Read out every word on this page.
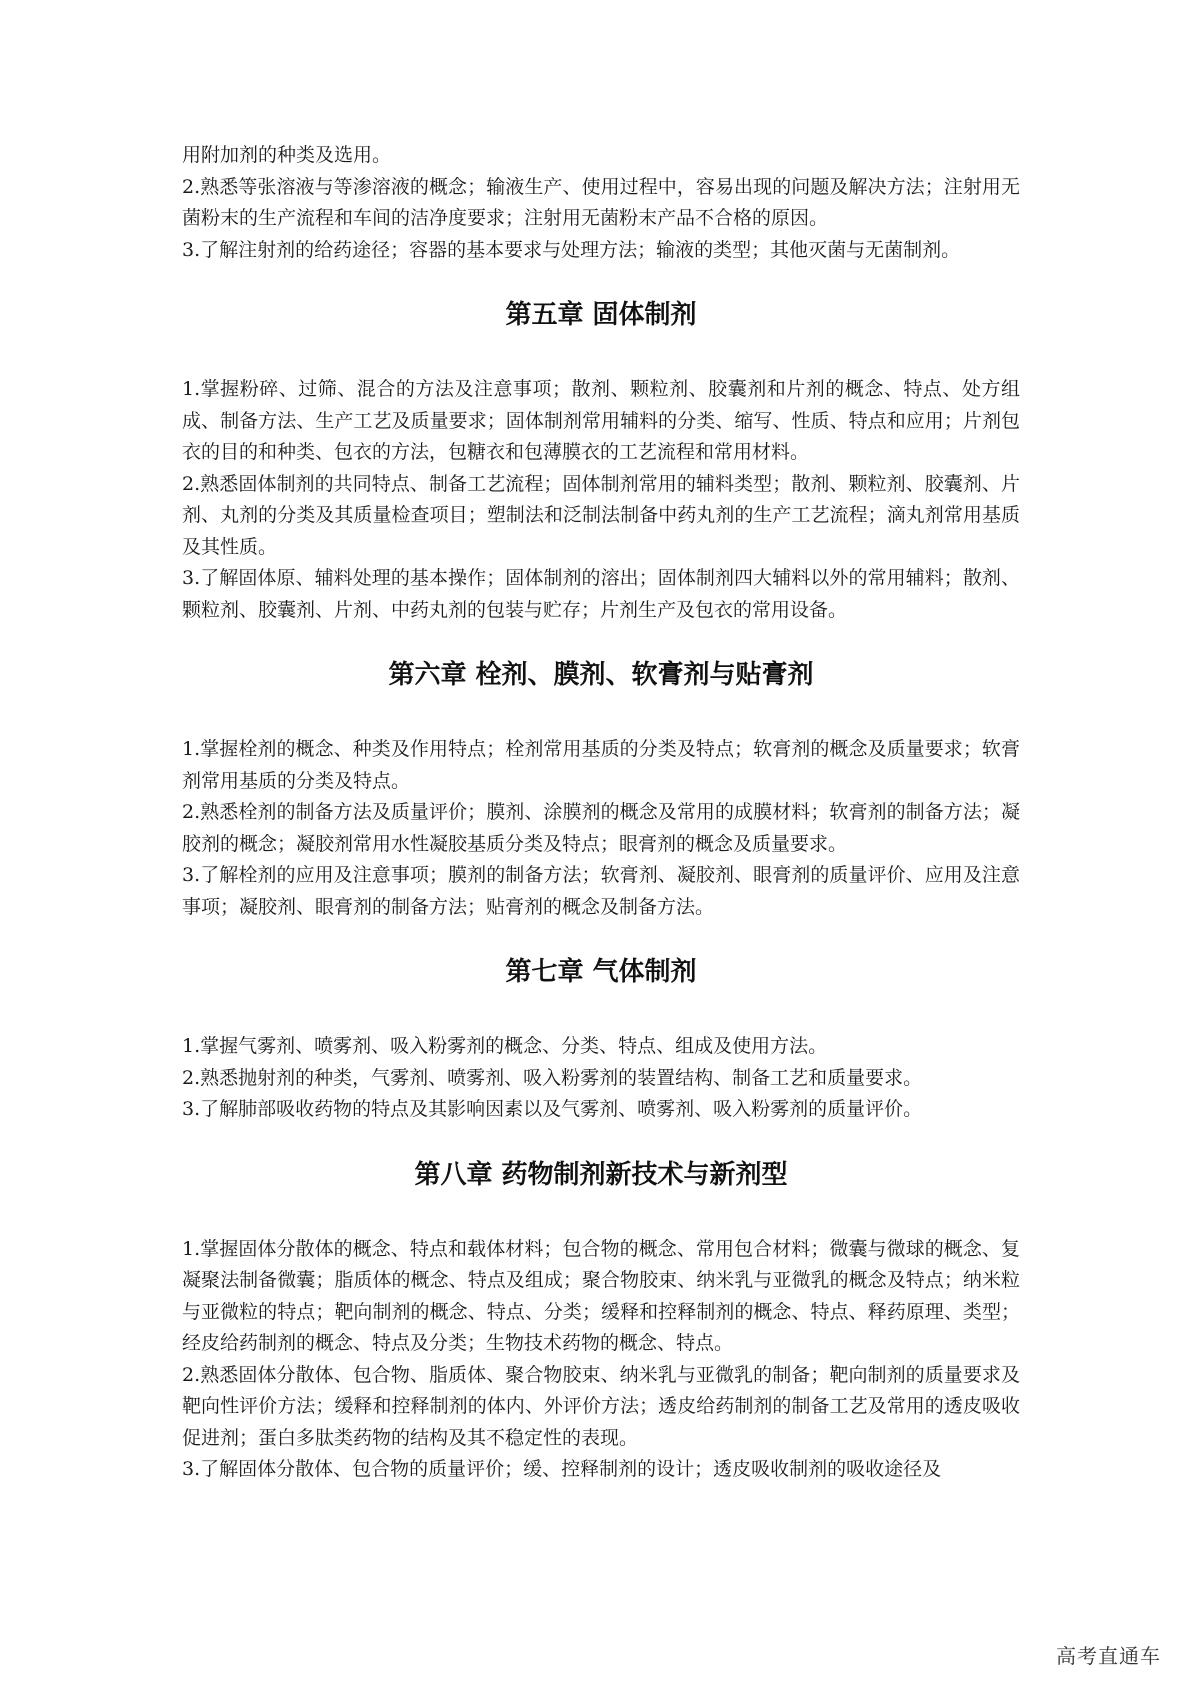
用附加剂的种类及选用。

2.熟悉等张溶液与等渗溶液的概念；输液生产、使用过程中，容易出现的问题及解决方法；注射用无菌粉末的生产流程和车间的洁净度要求；注射用无菌粉末产品不合格的原因。

3.了解注射剂的给药途径；容器的基本要求与处理方法；输液的类型；其他灭菌与无菌制剂。

第五章 固体制剂

1.掌握粉碎、过筛、混合的方法及注意事项；散剂、颗粒剂、胶囊剂和片剂的概念、特点、处方组成、制备方法、生产工艺及质量要求；固体制剂常用辅料的分类、缩写、性质、特点和应用；片剂包衣的目的和种类、包衣的方法，包糖衣和包薄膜衣的工艺流程和常用材料。

2.熟悉固体制剂的共同特点、制备工艺流程；固体制剂常用的辅料类型；散剂、颗粒剂、胶囊剂、片剂、丸剂的分类及其质量检查项目；塑制法和泛制法制备中药丸剂的生产工艺流程；滴丸剂常用基质及其性质。

3.了解固体原、辅料处理的基本操作；固体制剂的溶出；固体制剂四大辅料以外的常用辅料；散剂、颗粒剂、胶囊剂、片剂、中药丸剂的包装与贮存；片剂生产及包衣的常用设备。

第六章 栓剂、膜剂、软膏剂与贴膏剂

1.掌握栓剂的概念、种类及作用特点；栓剂常用基质的分类及特点；软膏剂的概念及质量要求；软膏剂常用基质的分类及特点。

2.熟悉栓剂的制备方法及质量评价；膜剂、涂膜剂的概念及常用的成膜材料；软膏剂的制备方法；凝胶剂的概念；凝胶剂常用水性凝胶基质分类及特点；眼膏剂的概念及质量要求。

3.了解栓剂的应用及注意事项；膜剂的制备方法；软膏剂、凝胶剂、眼膏剂的质量评价、应用及注意事项；凝胶剂、眼膏剂的制备方法；贴膏剂的概念及制备方法。

第七章 气体制剂

1.掌握气雾剂、喷雾剂、吸入粉雾剂的概念、分类、特点、组成及使用方法。

2.熟悉抛射剂的种类，气雾剂、喷雾剂、吸入粉雾剂的装置结构、制备工艺和质量要求。

3.了解肺部吸收药物的特点及其影响因素以及气雾剂、喷雾剂、吸入粉雾剂的质量评价。

第八章 药物制剂新技术与新剂型

1.掌握固体分散体的概念、特点和载体材料；包合物的概念、常用包合材料；微囊与微球的概念、复凝聚法制备微囊；脂质体的概念、特点及组成；聚合物胶束、纳米乳与亚微乳的概念及特点；纳米粒与亚微粒的特点；靶向制剂的概念、特点、分类；缓释和控释制剂的概念、特点、释药原理、类型；经皮给药制剂的概念、特点及分类；生物技术药物的概念、特点。

2.熟悉固体分散体、包合物、脂质体、聚合物胶束、纳米乳与亚微乳的制备；靶向制剂的质量要求及靶向性评价方法；缓释和控释制剂的体内、外评价方法；透皮给药制剂的制备工艺及常用的透皮吸收促进剂；蛋白多肽类药物的结构及其不稳定性的表现。

3.了解固体分散体、包合物的质量评价；缓、控释制剂的设计；透皮吸收制剂的吸收途径及

高考直通车
